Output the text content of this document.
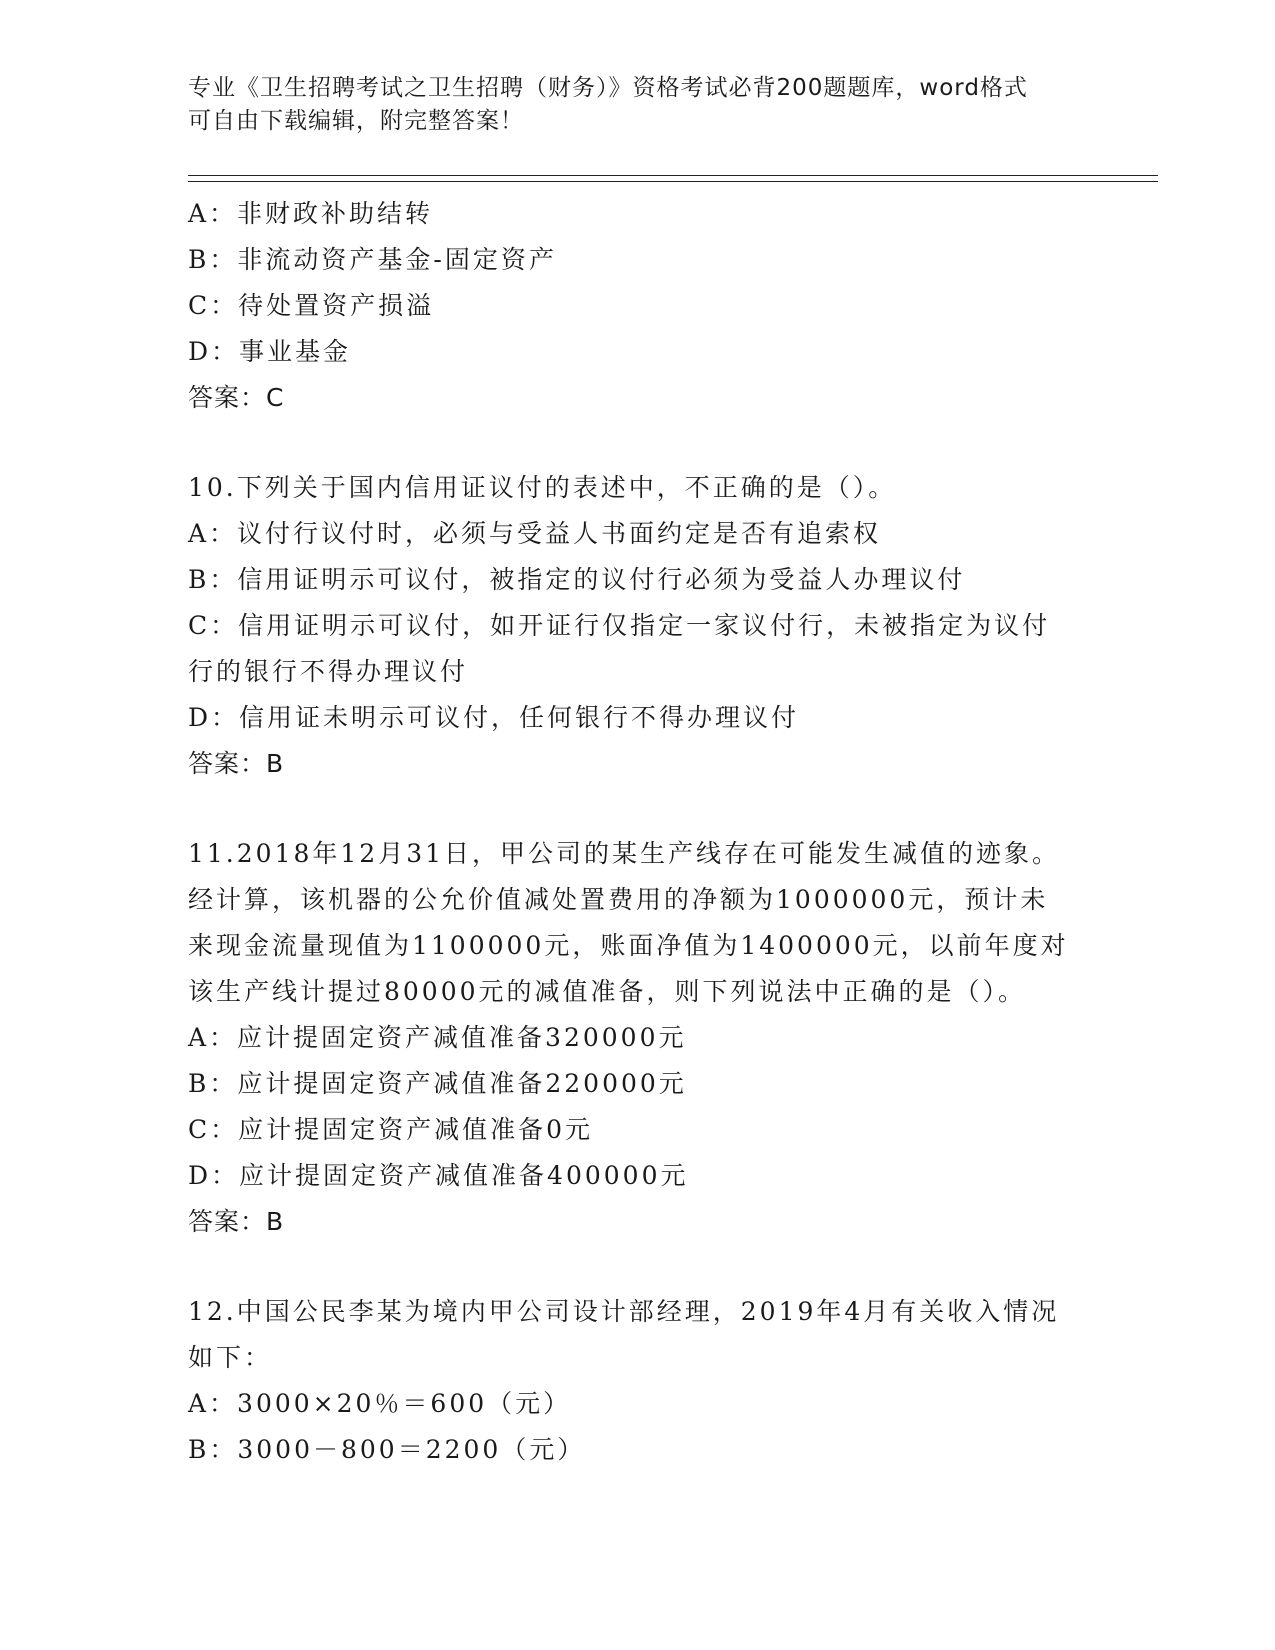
专业《卫生招聘考试之卫生招聘（财务）》资格考试必背200题题库，word格式
可自由下载编辑，附完整答案！
A：非财政补助结转
B：非流动资产基金-固定资产
C：待处置资产损溢
D：事业基金
答案：C
10.下列关于国内信用证议付的表述中，不正确的是（）。
A：议付行议付时，必须与受益人书面约定是否有追索权
B：信用证明示可议付，被指定的议付行必须为受益人办理议付
C：信用证明示可议付，如开证行仅指定一家议付行，未被指定为议付
行的银行不得办理议付
D：信用证未明示可议付，任何银行不得办理议付
答案：B
11.2018年12月31日，甲公司的某生产线存在可能发生减值的迹象。
经计算，该机器的公允价值减处置费用的净额为1000000元，预计未
来现金流量现值为1100000元，账面净值为1400000元，以前年度对
该生产线计提过80000元的减值准备，则下列说法中正确的是（）。
A：应计提固定资产减值准备320000元
B：应计提固定资产减值准备220000元
C：应计提固定资产减值准备0元
D：应计提固定资产减值准备400000元
答案：B
12.中国公民李某为境内甲公司设计部经理，2019年4月有关收入情况
如下：
A：3000×20％＝600（元）
B：3000－800＝2200（元）
